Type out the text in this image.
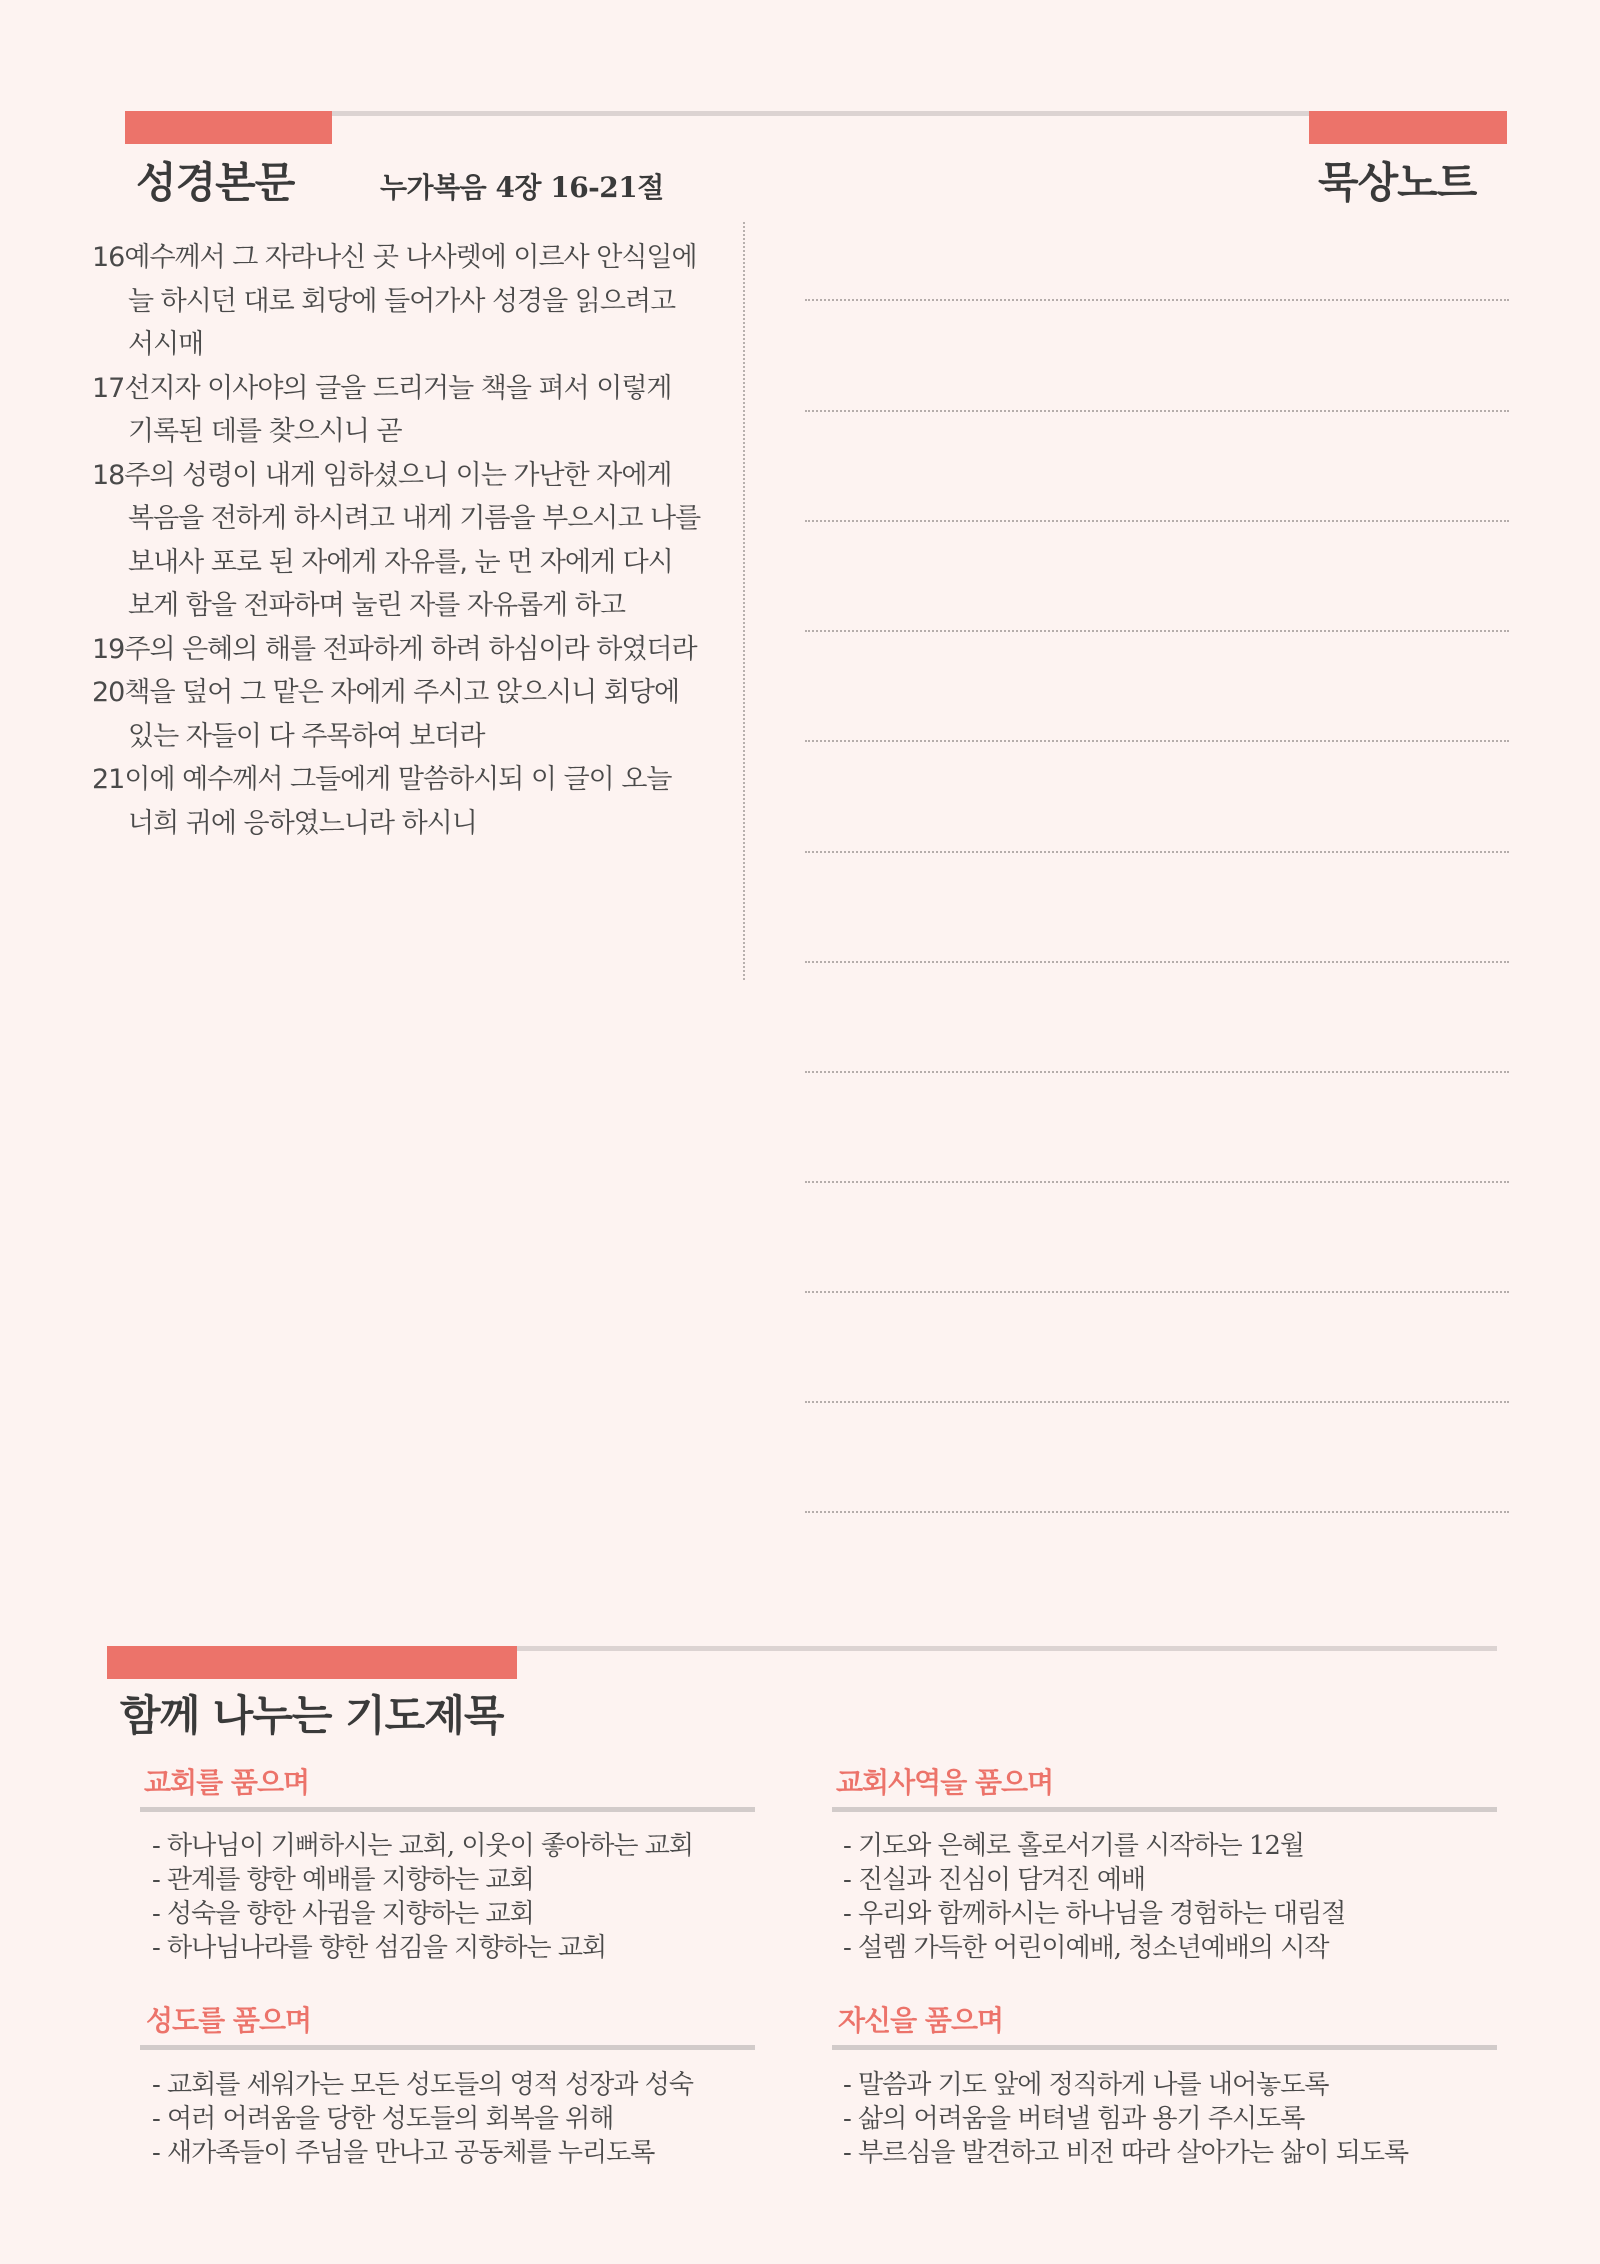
성경본문	누가복음 4장 16-21절	묵상노트
16예수께서 그 자라나신 곳 나사렛에 이르사 안식일에 늘 하시던 대로 회당에 들어가사 성경을 읽으려고 서시매
17선지자 이사야의 글을 드리거늘 책을 펴서 이렇게 기록된 데를 찾으시니 곧
18주의 성령이 내게 임하셨으니 이는 가난한 자에게 복음을 전하게 하시려고 내게 기름을 부으시고 나를 보내사 포로 된 자에게 자유를, 눈 먼 자에게 다시 보게 함을 전파하며 눌린 자를 자유롭게 하고
19주의 은혜의 해를 전파하게 하려 하심이라 하였더라
20책을 덮어 그 맡은 자에게 주시고 앉으시니 회당에 있는 자들이 다 주목하여 보더라
21이에 예수께서 그들에게 말씀하시되 이 글이 오늘 너희 귀에 응하였느니라 하시니
함께 나누는 기도제목
교회를 품으며
- 하나님이 기뻐하시는 교회, 이웃이 좋아하는 교회
- 관계를 향한 예배를 지향하는 교회
- 성숙을 향한 사귐을 지향하는 교회
- 하나님나라를 향한 섬김을 지향하는 교회
교회사역을 품으며
- 기도와 은혜로 홀로서기를 시작하는 12월
- 진실과 진심이 담겨진 예배
- 우리와 함께하시는 하나님을 경험하는 대림절
- 설렘 가득한 어린이예배, 청소년예배의 시작
성도를 품으며
- 교회를 세워가는 모든 성도들의 영적 성장과 성숙
- 여러 어려움을 당한 성도들의 회복을 위해
- 새가족들이 주님을 만나고 공동체를 누리도록
자신을 품으며
- 말씀과 기도 앞에 정직하게 나를 내어놓도록
- 삶의 어려움을 버텨낼 힘과 용기 주시도록
- 부르심을 발견하고 비전 따라 살아가는 삶이 되도록
